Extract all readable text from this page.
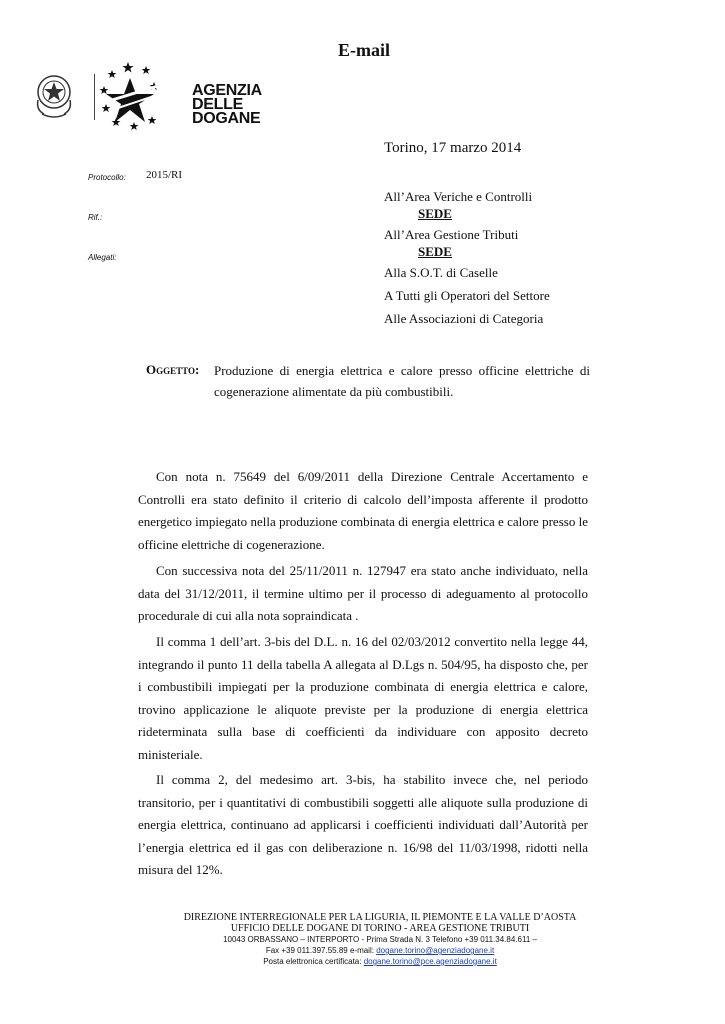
E-mail
AGENZIA
DELLE
DOGANE
Torino, 17 marzo 2014
Protocollo: 2015/RI
Rif.:
Allegati:
All’Area Veriche e Controlli
SEDE
All’Area Gestione Tributi
SEDE
Alla S.O.T. di Caselle
A Tutti gli Operatori del Settore
Alle Associazioni di Categoria
Oggetto: Produzione di energia elettrica e calore presso officine elettriche di cogenerazione alimentate da più combustibili.
Con nota n. 75649 del 6/09/2011 della Direzione Centrale Accertamento e Controlli era stato definito il criterio di calcolo dell’imposta afferente il prodotto energetico impiegato nella produzione combinata di energia elettrica e calore presso le officine elettriche di cogenerazione.
Con successiva nota del 25/11/2011 n. 127947 era stato anche individuato, nella data del 31/12/2011, il termine ultimo per il processo di adeguamento al protocollo procedurale di cui alla nota sopraindicata .
Il comma 1 dell’art. 3-bis del D.L. n. 16 del 02/03/2012 convertito nella legge 44, integrando il punto 11 della tabella A allegata al D.Lgs n. 504/95, ha disposto che, per i combustibili impiegati per la produzione combinata di energia elettrica e calore, trovino applicazione le aliquote previste per la produzione di energia elettrica rideterminata sulla base di coefficienti da individuare con apposito decreto ministeriale.
Il comma 2, del medesimo art. 3-bis, ha stabilito invece che, nel periodo transitorio, per i quantitativi di combustibili soggetti alle aliquote sulla produzione di energia elettrica, continuano ad applicarsi i coefficienti individuati dall’Autorità per l’energia elettrica ed il gas con deliberazione n. 16/98 del 11/03/1998, ridotti nella misura del 12%.
DIREZIONE INTERREGIONALE PER LA LIGURIA, IL PIEMONTE E LA VALLE D’AOSTA
UFFICIO DELLE DOGANE DI TORINO - AREA GESTIONE TRIBUTI
10043 ORBASSANO – INTERPORTO - Prima Strada N. 3 Telefono +39 011.34.84.611 –
Fax +39 011.397.55.89 e-mail: dogane.torino@agenziadogane.it
Posta elettronica certificata: dogane.torino@pce.agenziadogane.it
